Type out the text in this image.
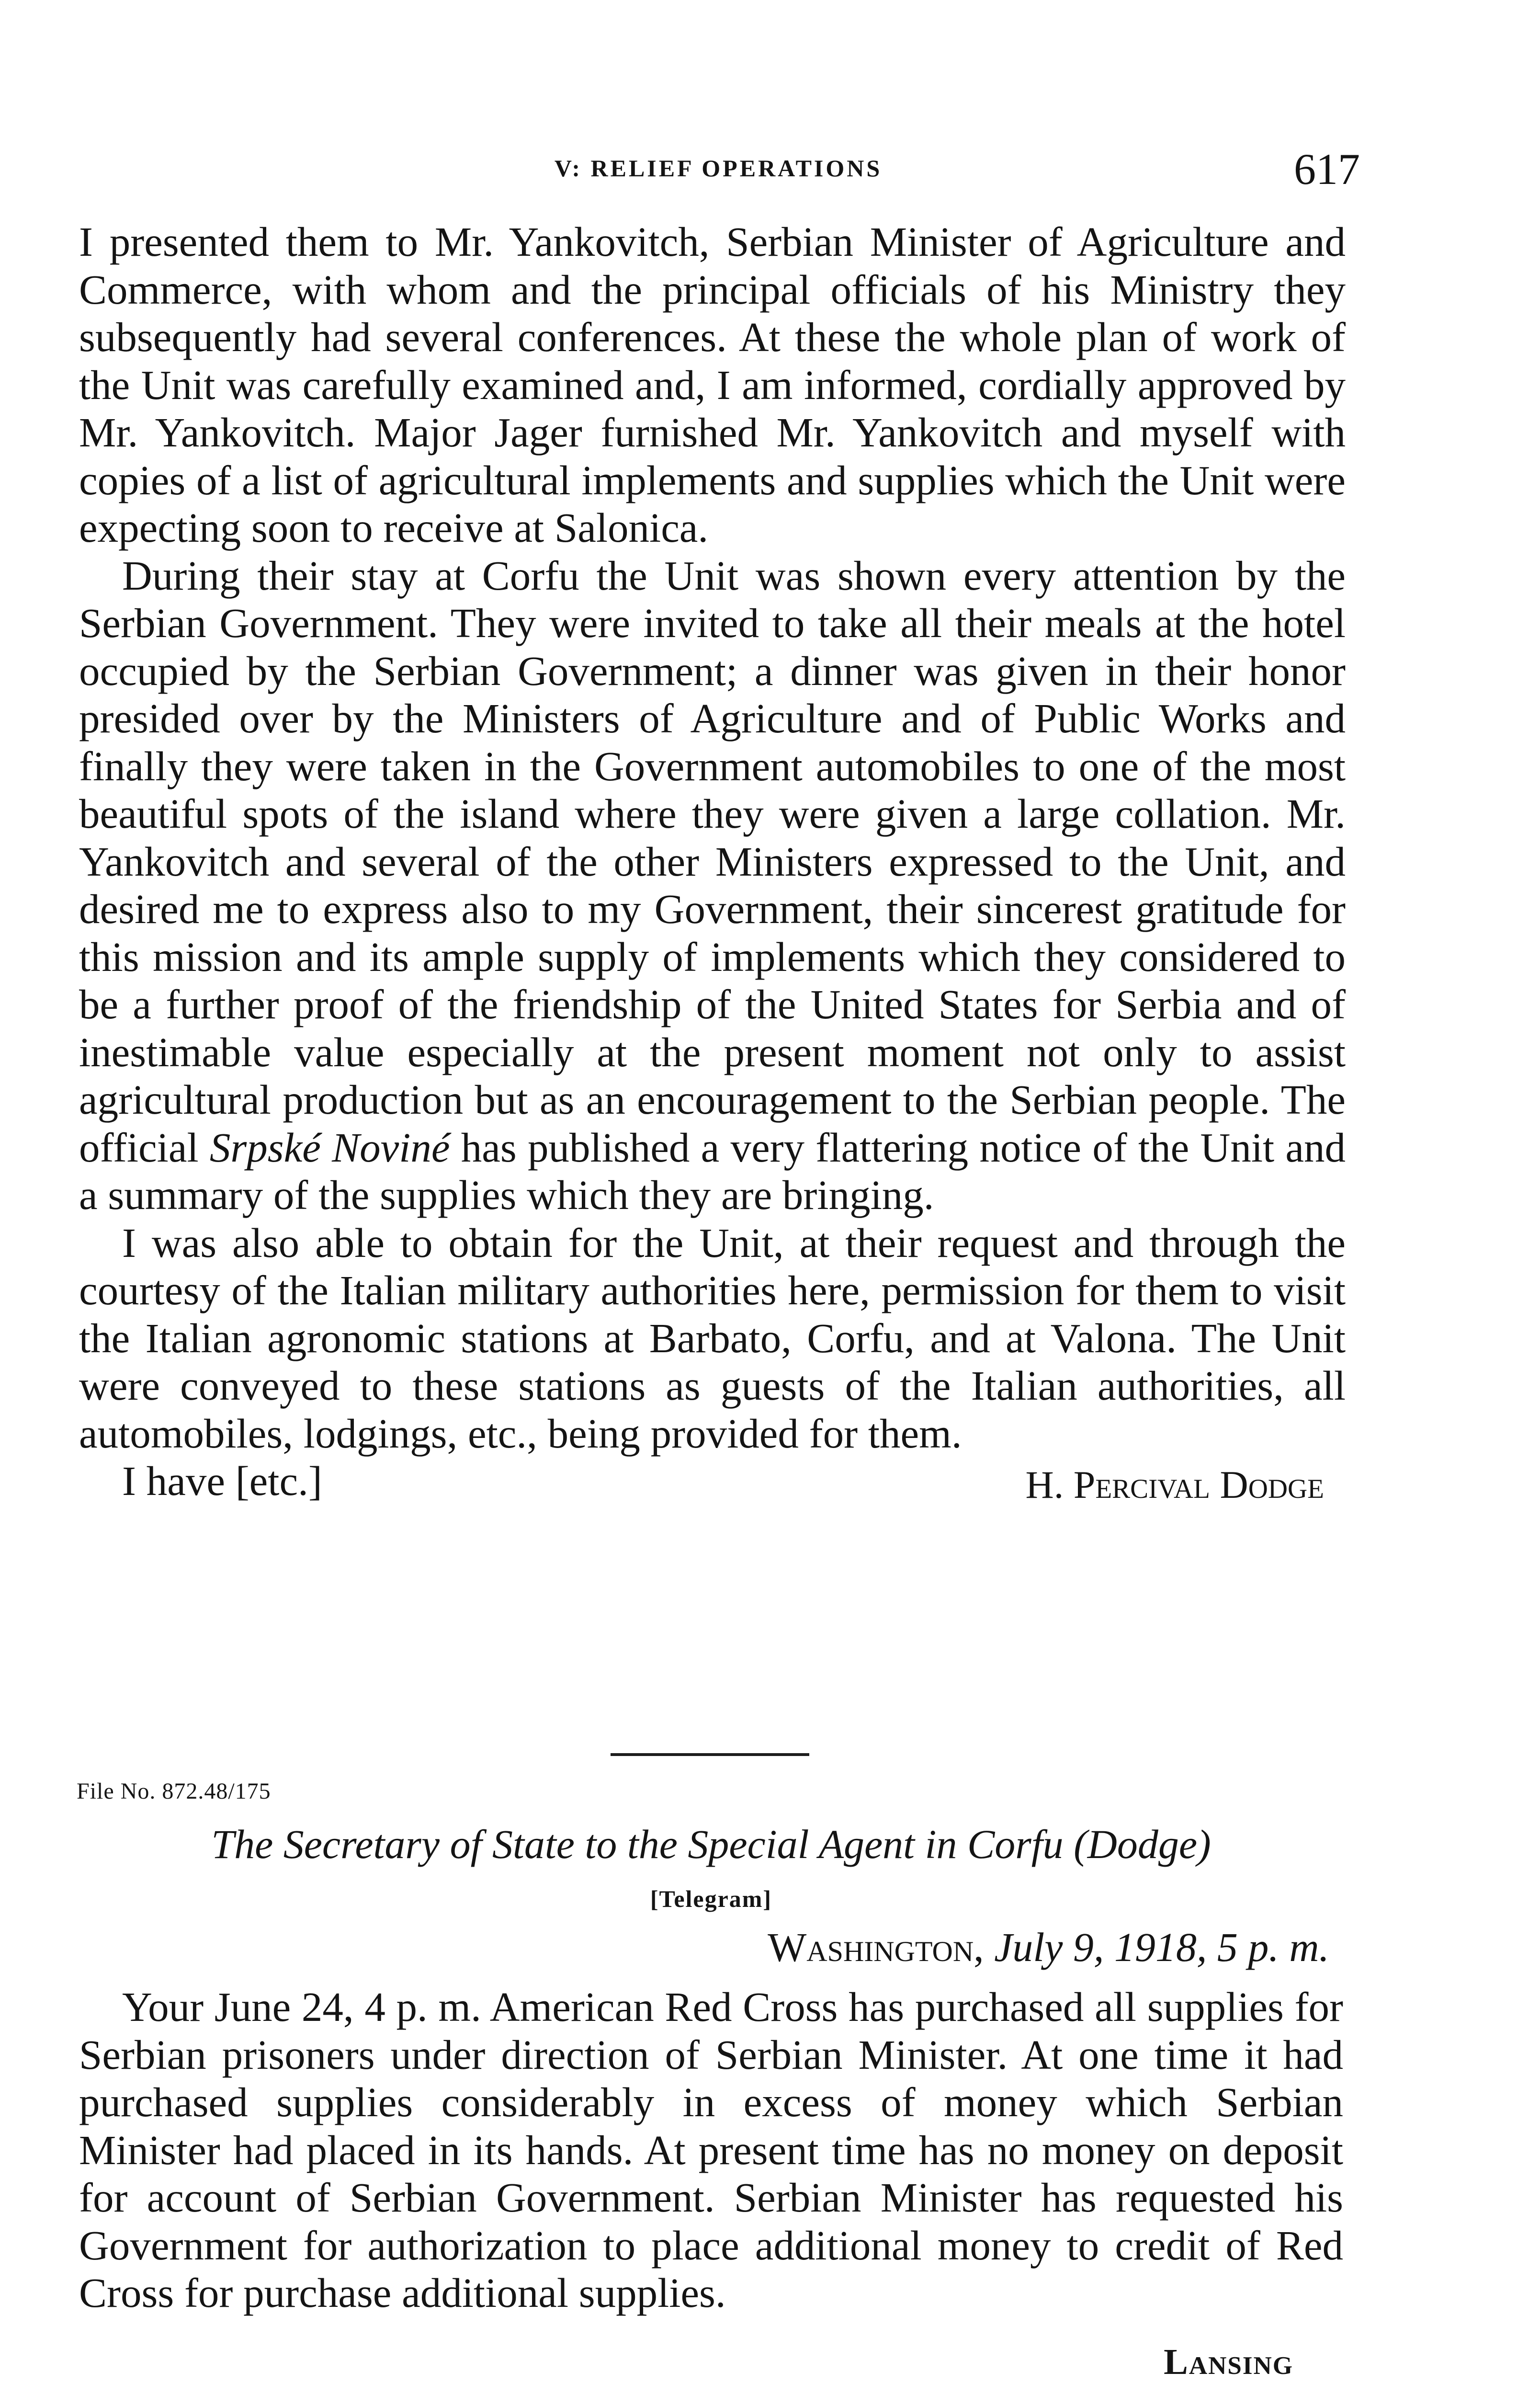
V: RELIEF OPERATIONS	617

I presented them to Mr. Yankovitch, Serbian Minister of Agriculture and Commerce, with whom and the principal officials of his Ministry they subsequently had several conferences. At these the whole plan of work of the Unit was carefully examined and, I am informed, cordially approved by Mr. Yankovitch. Major Jager furnished Mr. Yankovitch and myself with copies of a list of agricultural implements and supplies which the Unit were expecting soon to receive at Salonica.

During their stay at Corfu the Unit was shown every attention by the Serbian Government. They were invited to take all their meals at the hotel occupied by the Serbian Government; a dinner was given in their honor presided over by the Ministers of Agriculture and of Public Works and finally they were taken in the Government automobiles to one of the most beautiful spots of the island where they were given a large collation. Mr. Yankovitch and several of the other Ministers expressed to the Unit, and desired me to express also to my Government, their sincerest gratitude for this mission and its ample supply of implements which they considered to be a further proof of the friendship of the United States for Serbia and of inestimable value especially at the present moment not only to assist agricultural production but as an encouragement to the Serbian people. The official Srpské Noviné has published a very flattering notice of the Unit and a summary of the supplies which they are bringing.

I was also able to obtain for the Unit, at their request and through the courtesy of the Italian military authorities here, permission for them to visit the Italian agronomic stations at Barbato, Corfu, and at Valona. The Unit were conveyed to these stations as guests of the Italian authorities, all automobiles, lodgings, etc., being provided for them.

I have [etc.]	H. Percival Dodge
File No. 872.48/175
The Secretary of State to the Special Agent in Corfu (Dodge)
[Telegram]
Washington, July 9, 1918, 5 p. m.

Your June 24, 4 p. m. American Red Cross has purchased all supplies for Serbian prisoners under direction of Serbian Minister. At one time it had purchased supplies considerably in excess of money which Serbian Minister had placed in its hands. At present time has no money on deposit for account of Serbian Government. Serbian Minister has requested his Government for authorization to place additional money to credit of Red Cross for purchase additional supplies.

Lansing
